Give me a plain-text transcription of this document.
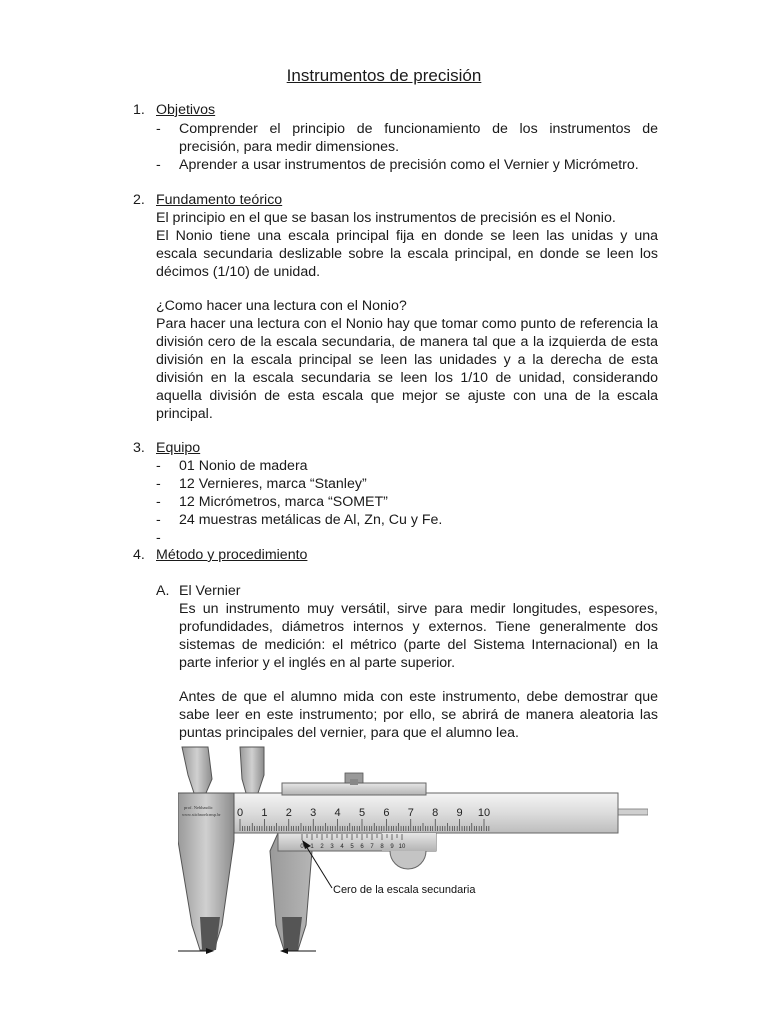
Instrumentos de precisión
1. Objetivos
- Comprender el principio de funcionamiento de los instrumentos de
precisión, para medir dimensiones.
- Aprender a usar instrumentos de precisión como el Vernier y Micrómetro.
2. Fundamento teórico
El principio en el que se basan los instrumentos de precisión es el Nonio.
El Nonio tiene una escala principal fija en donde se leen las unidas y una
escala secundaria deslizable sobre la escala principal, en donde se leen los
décimos (1/10) de unidad.
¿Como hacer una lectura con el Nonio?
Para hacer una lectura con el Nonio hay que tomar como punto de referencia la
división cero de la escala secundaria, de manera tal que a la izquierda de esta
división en la escala principal se leen las unidades y a la derecha de esta
división en la escala secundaria se leen los 1/10 de unidad, considerando
aquella división de esta escala que mejor se ajuste con una de la escala
principal.
3. Equipo
- 01 Nonio de madera
- 12 Vernieres, marca “Stanley”
- 12 Micrómetros, marca “SOMET”
- 24 muestras metálicas de Al, Zn, Cu y Fe.
-
4. Método y procedimiento
A. El Vernier
Es un instrumento muy versátil, sirve para medir longitudes, espesores,
profundidades, diámetros internos y externos. Tiene generalmente dos
sistemas de medición: el métrico (parte del Sistema Internacional) en la
parte inferior y el inglés en al parte superior.
Antes de que el alumno mida con este instrumento, debe demostrar que
sabe leer en este instrumento; por ello, se abrirá de manera aleatoria las
puntas principales del vernier, para que el alumno lea.
prof. Nebhasdic
www.stichnoelr.msp.br 0 1 2 3 4 5 6 7 8 9 10
0 1 2 3 4 5 6 7 8 9 10
Cero de la escala secundaria
